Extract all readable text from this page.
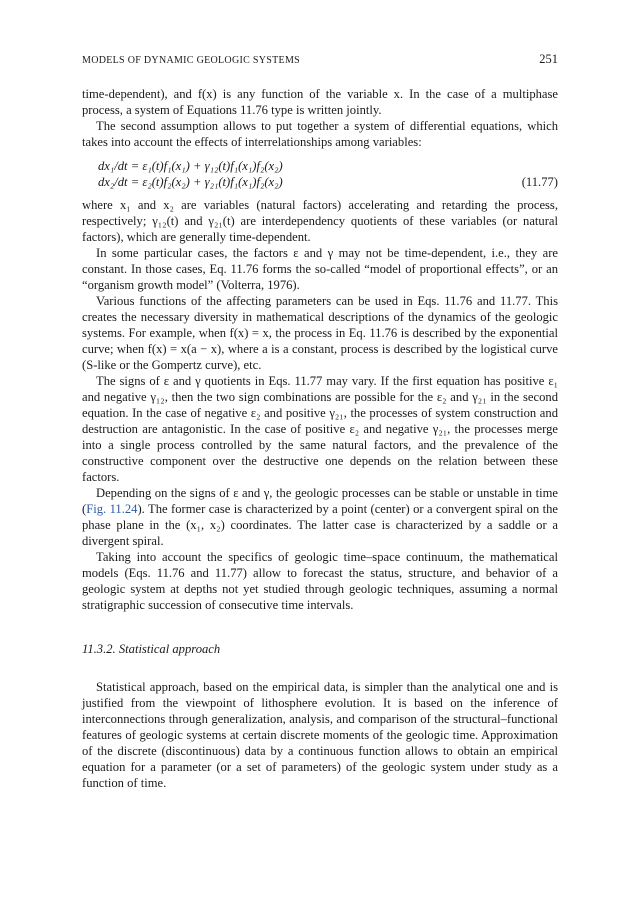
MODELS OF DYNAMIC GEOLOGIC SYSTEMS	251

time-dependent), and f(x) is any function of the variable x. In the case of a multiphase process, a system of Equations 11.76 type is written jointly.

The second assumption allows to put together a system of differential equations, which takes into account the effects of interrelationships among variables:

dx₁/dt = ε₁(t)f₁(x₁) + γ₁₂(t)f₁(x₁)f₂(x₂)
dx₂/dt = ε₂(t)f₂(x₂) + γ₂₁(t)f₁(x₁)f₂(x₂)	(11.77)

where x₁ and x₂ are variables (natural factors) accelerating and retarding the process, respectively; γ₁₂(t) and γ₂₁(t) are interdependency quotients of these variables (or natural factors), which are generally time-dependent.

In some particular cases, the factors ε and γ may not be time-dependent, i.e., they are constant. In those cases, Eq. 11.76 forms the so-called “model of proportional effects”, or an “organism growth model” (Volterra, 1976).

Various functions of the affecting parameters can be used in Eqs. 11.76 and 11.77. This creates the necessary diversity in mathematical descriptions of the dynamics of the geologic systems. For example, when f(x) = x, the process in Eq. 11.76 is described by the exponential curve; when f(x) = x(a − x), where a is a constant, process is described by the logistical curve (S-like or the Gompertz curve), etc.

The signs of ε and γ quotients in Eqs. 11.77 may vary. If the first equation has positive ε₁ and negative γ₁₂, then the two sign combinations are possible for the ε₂ and γ₂₁ in the second equation. In the case of negative ε₂ and positive γ₂₁, the processes of system construction and destruction are antagonistic. In the case of positive ε₂ and negative γ₂₁, the processes merge into a single process controlled by the same natural factors, and the prevalence of the constructive component over the destructive one depends on the relation between these factors.

Depending on the signs of ε and γ, the geologic processes can be stable or unstable in time (Fig. 11.24). The former case is characterized by a point (center) or a convergent spiral on the phase plane in the (x₁, x₂) coordinates. The latter case is characterized by a saddle or a divergent spiral.

Taking into account the specifics of geologic time–space continuum, the mathematical models (Eqs. 11.76 and 11.77) allow to forecast the status, structure, and behavior of a geologic system at depths not yet studied through geologic techniques, assuming a normal stratigraphic succession of consecutive time intervals.

11.3.2. Statistical approach

Statistical approach, based on the empirical data, is simpler than the analytical one and is justified from the viewpoint of lithosphere evolution. It is based on the inference of interconnections through generalization, analysis, and comparison of the structural–functional features of geologic systems at certain discrete moments of the geologic time. Approximation of the discrete (discontinuous) data by a continuous function allows to obtain an empirical equation for a parameter (or a set of parameters) of the geologic system under study as a function of time.
